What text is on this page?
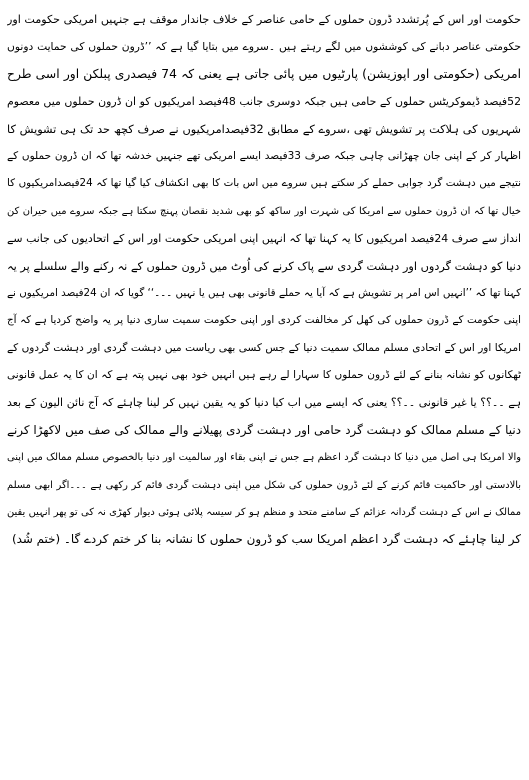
حکومت اور اس کے پُرتشدد ڈرون حملوں کے حامی عناصر کے خلاف جاندار موقف ہے جنہیں امریکی حکومت اور
حکومتی عناصر دبانے کی کوششوں میں لگے رہتے ہیں ۔سروے میں بتایا گیا ہے کہ ’’ڈرون حملوں کی حمایت دونوں
امریکی (حکومتی اور اپوزیشن) پارٹیوں میں پائی جاتی ہے یعنی کہ 74 فیصدری پبلکن اور اسی طرح
52فیصد ڈیموکریٹس حملوں کے حامی ہیں جبکہ دوسری جانب 48فیصد امریکیوں کو ان ڈرون حملوں میں معصوم
شہریوں کی ہلاکت پر تشویش تھی ،سروے کے مطابق 32فیصدامریکیوں نے صرف کچھ حد تک ہی تشویش کا
اظہار کر کے اپنی جان چھڑانی چاہی جبکہ صرف 33فیصد ایسے امریکی تھے جنہیں خدشہ تھا کہ ان ڈرون حملوں کے
نتیجے میں دہشت گرد جوابی حملے کر سکتے ہیں سروے میں اس بات کا بھی انکشاف کیا گیا تھا کہ 24فیصدامریکیوں کا
خیال تھا کہ ان ڈرون حملوں سے امریکا کی شہرت اور ساکھ کو بھی شدید نقصان پہنچ سکتا ہے جبکہ سروے میں حیران کن
انداز سے صرف 24فیصد امریکیوں کا یہ کہنا تھا کہ انہیں اپنی امریکی حکومت اور اس کے اتحادیوں کی جانب سے
دنیا کو دہشت گردوں اور دہشت گردی سے پاک کرنے کی اُوٹ میں ڈرون حملوں کے نہ رکنے والے سلسلے پر یہ
کہنا تھا کہ ’’انہیں اس امر پر تشویش ہے کہ آیا یہ حملے قانونی بھی ہیں یا نہیں ۔۔۔‘‘ گویا کہ ان 24فیصد امریکیوں نے
اپنی حکومت کے ڈرون حملوں کی کھل کر مخالفت کردی اور اپنی حکومت سمیت ساری دنیا پر یہ واضح کردیا ہے کہ آج
امریکا اور اس کے اتحادی مسلم ممالک سمیت دنیا کے جس کسی بھی ریاست میں دہشت گردی اور دہشت گردوں کے
ٹھکانوں کو نشانہ بنانے کے لئے ڈرون حملوں کا سہارا لے رہے ہیں انہیں خود بھی نہیں پتہ ہے کہ ان کا یہ عمل قانونی
ہے ۔۔؟؟ یا غیر قانونی ۔۔؟؟ یعنی کہ ایسے میں اب کیا دنیا کو یہ یقین نہیں کر لینا چاہئے کہ آج نائن الیون کے بعد
دنیا کے مسلم ممالک کو دہشت گرد حامی اور دہشت گردی پھیلانے والے ممالک کی صف میں لاکھڑا کرنے
والا امریکا ہی اصل میں دنیا کا دہشت گرد اعظم ہے جس نے اپنی بقاء اور سالمیت اور دنیا بالخصوص مسلم ممالک میں اپنی
بالادستی اور حاکمیت قائم کرنے کے لئے ڈرون حملوں کی شکل میں اپنی دہشت گردی قائم کر رکھی ہے ۔۔۔اگر ابھی مسلم
ممالک نے اس کے دہشت گردانہ عزائم کے سامنے متحد و منظم ہو کر سیسہ پلائی ہوئی دیوار کھڑی نہ کی تو پھر انہیں یقین
کر لینا چاہئے کہ دہشت گرد اعظم امریکا سب کو ڈرون حملوں کا نشانہ بنا کر ختم کردے گا۔ (ختم شُد)
